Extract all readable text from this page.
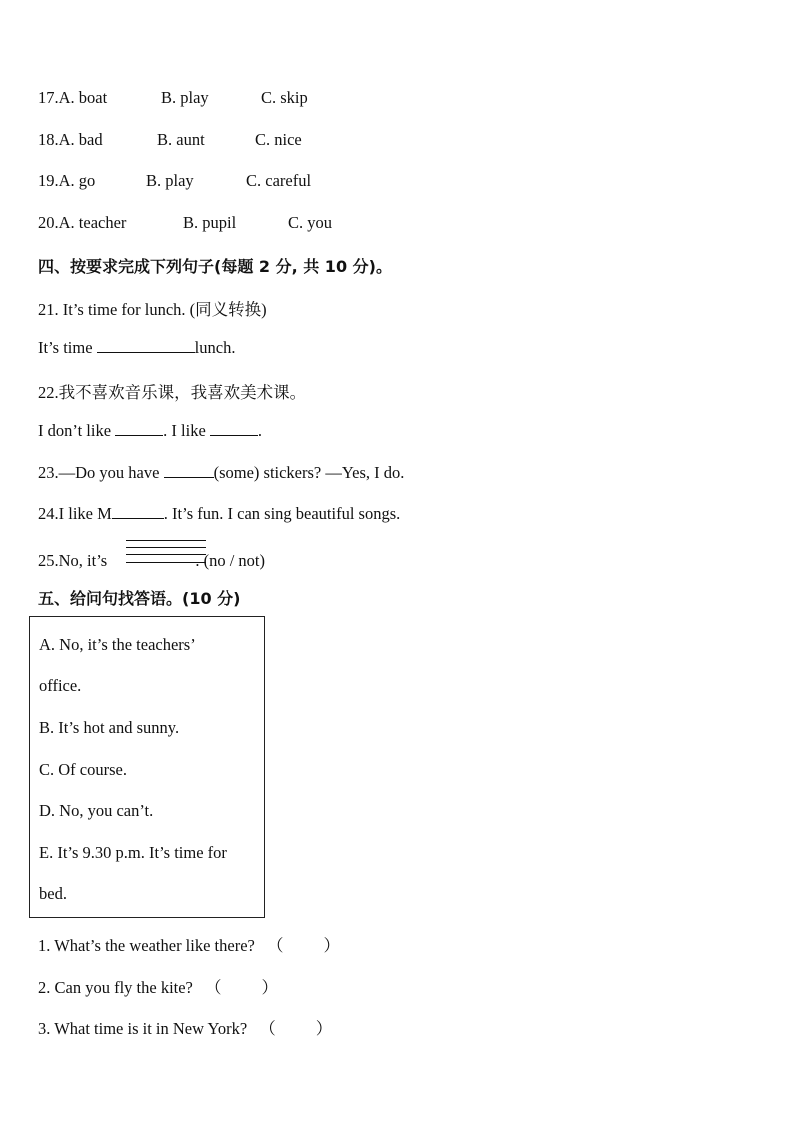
17.A. boat	B. play	C. skip
18.A. bad	B. aunt	C. nice
19.A. go	B. play	C. careful
20.A. teacher	B. pupil	C. you
四、按要求完成下列句子(每题 2 分, 共 10 分)。
21. It’s time for lunch. (同义转换)
It’s time	lunch.
22.我不喜欢音乐课，我喜欢美术课。
I don’t like	. I like	.
23.—Do you have	(some) stickers? —Yes, I do.
24.I like M	. It’s fun. I can sing beautiful songs.
25.No, it’s	. (no / not)
五、给问句找答语。(10 分)
A. No, it’s the teachers’
office.
B. It’s hot and sunny.
C. Of course.
D. No, you can’t.
E. It’s 9.30 p.m. It’s time for
bed.
1. What’s the weather like there? （ ）
2. Can you fly the kite? （ ）
3. What time is it in New York? （ ）
